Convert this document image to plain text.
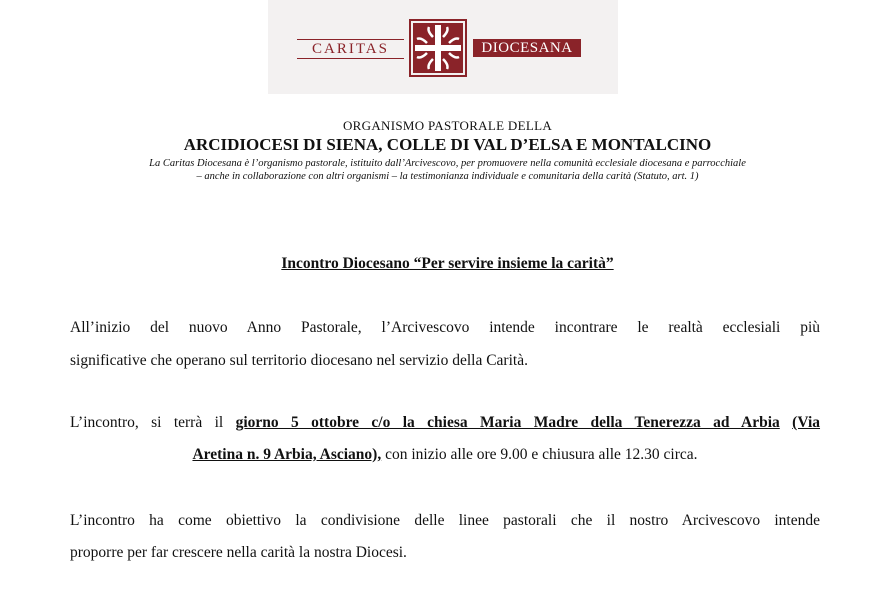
CARITAS	DIOCESANA
ORGANISMO PASTORALE DELLA
ARCIDIOCESI DI SIENA, COLLE DI VAL D’ELSA E MONTALCINO
La Caritas Diocesana è l’organismo pastorale, istituito dall’Arcivescovo, per promuovere nella comunità ecclesiale diocesana e parrocchiale
– anche in collaborazione con altri organismi – la testimonianza individuale e comunitaria della carità (Statuto, art. 1)
Incontro Diocesano “Per servire insieme la carità”
All’inizio del nuovo Anno Pastorale, l’Arcivescovo intende incontrare le realtà ecclesiali più
significative che operano sul territorio diocesano nel servizio della Carità.
L’incontro, si terrà il giorno 5 ottobre c/o la chiesa Maria Madre della Tenerezza ad Arbia (Via
Aretina n. 9 Arbia, Asciano), con inizio alle ore 9.00 e chiusura alle 12.30 circa.
L’incontro ha come obiettivo la condivisione delle linee pastorali che il nostro Arcivescovo intende
proporre per far crescere nella carità la nostra Diocesi.
